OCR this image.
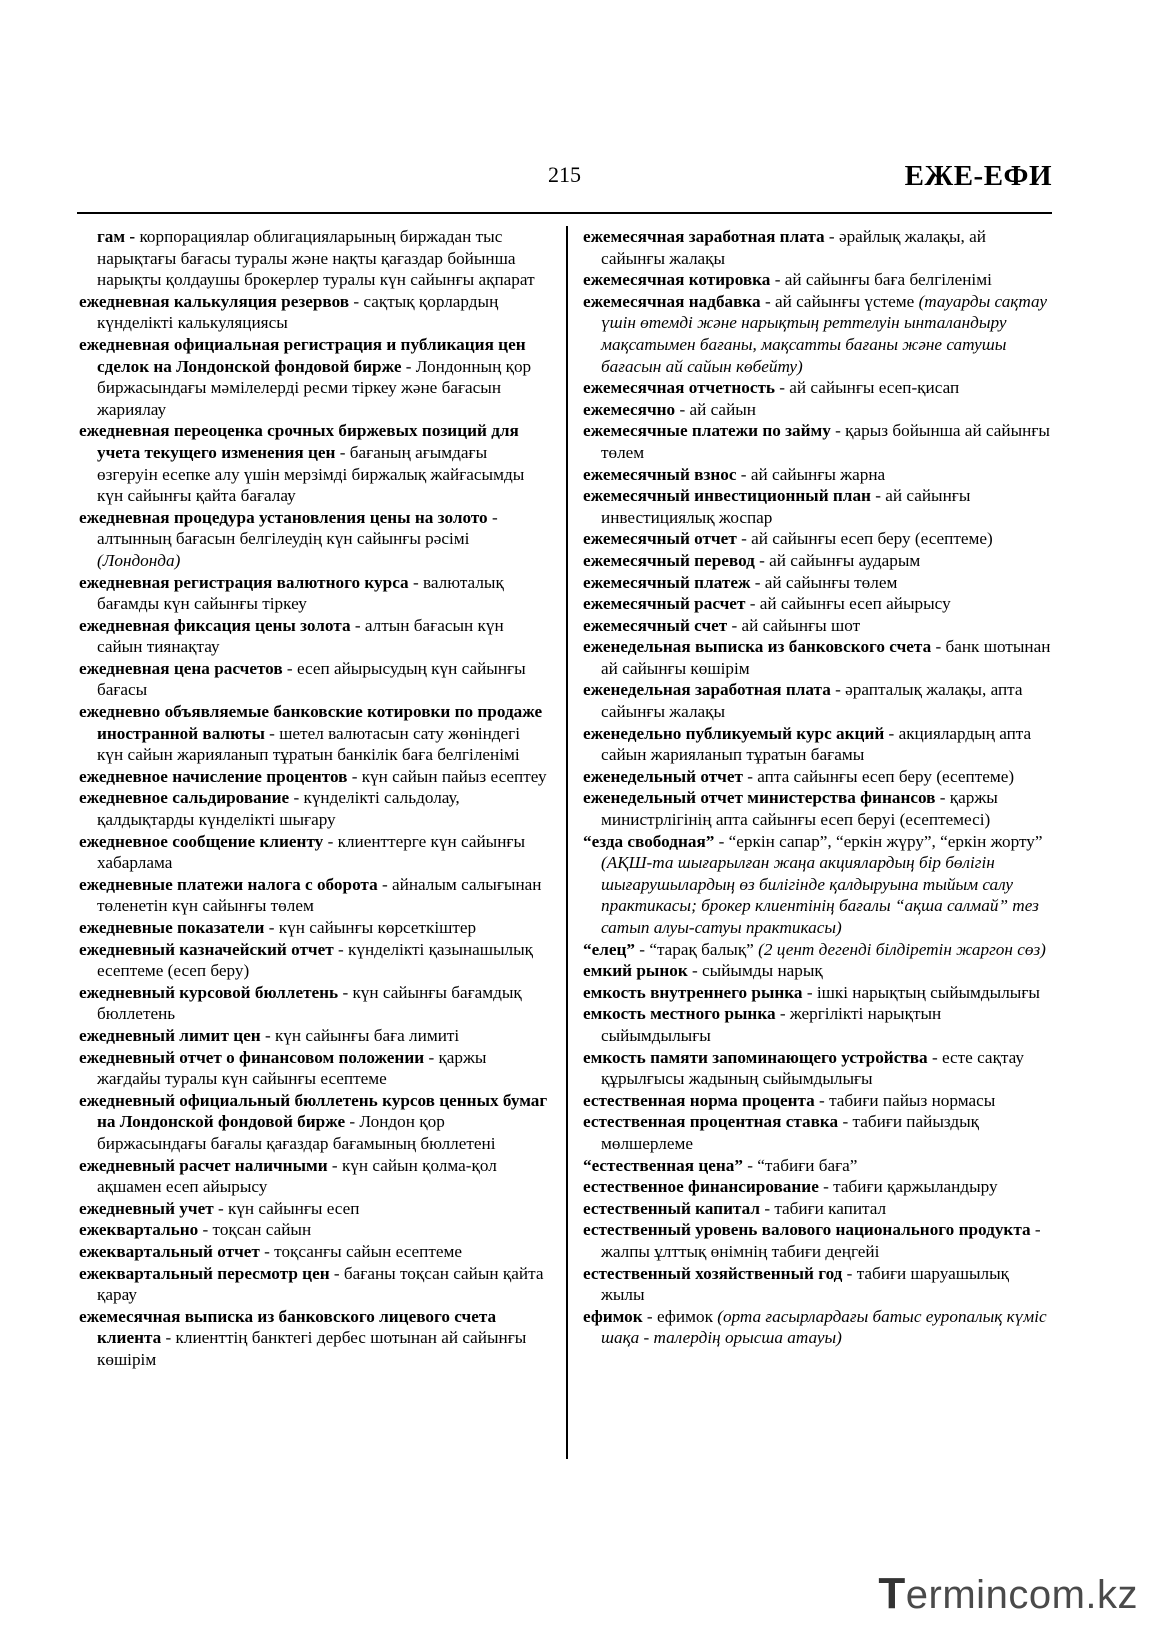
215	ЕЖЕ-ЕФИ

гам - корпорациялар облигацияларының биржадан тыс нарықтағы бағасы туралы және нақты қағаздар бойынша нарықты қолдаушы брокерлер туралы күн сайынғы ақпарат

ежедневная калькуляция резервов - сақтық қорлардың күнделікті калькуляциясы

ежедневная официальная регистрация и публикация цен сделок на Лондонской фондовой бирже - Лондонның қор биржасындағы мәмілелерді ресми тіркеу және бағасын жариялау

ежедневная переоценка срочных биржевых позиций для учета текущего изменения цен - бағаның ағымдағы өзгеруін есепке алу үшін мерзімді биржалық жайғасымды күн сайынғы қайта бағалау

ежедневная процедура установления цены на золото - алтынның бағасын белгілеудің күн сайынғы рәсімі (Лондонда)

ежедневная регистрация валютного курса - валюталық бағамды күн сайынғы тіркеу

ежедневная фиксация цены золота - алтын бағасын күн сайын тиянақтау

ежедневная цена расчетов - есеп айырысудың күн сайынғы бағасы

ежедневно объявляемые банковские котировки по продаже иностранной валюты - шетел валютасын сату жөніндегі күн сайын жарияланып тұратын банкілік баға белгіленімі

ежедневное начисление процентов - күн сайын пайыз есептеу

ежедневное сальдирование - күнделікті сальдолау, қалдықтарды күнделікті шығару

ежедневное сообщение клиенту - клиенттерге күн сайынғы хабарлама

ежедневные платежи налога с оборота - айналым салығынан төленетін күн сайынғы төлем

ежедневные показатели - күн сайынғы көрсеткіштер

ежедневный казначейский отчет - күнделікті қазынашылық есептеме (есеп беру)

ежедневный курсовой бюллетень - күн сайынғы бағамдық бюллетень

ежедневный лимит цен - күн сайынғы баға лимиті

ежедневный отчет о финансовом положении - қаржы жағдайы туралы күн сайынғы есептеме

ежедневный официальный бюллетень курсов ценных бумаг на Лондонской фондовой бирже - Лондон қор биржасындағы бағалы қағаздар бағамының бюллетені

ежедневный расчет наличными - күн сайын қолма-қол ақшамен есеп айырысу

ежедневный учет - күн сайынғы есеп

ежеквартально - тоқсан сайын

ежеквартальный отчет - тоқсанғы сайын есептеме

ежеквартальный пересмотр цен - бағаны тоқсан сайын қайта қарау

ежемесячная выписка из банковского лицевого счета клиента - клиенттің банктегі дербес шотынан ай сайынғы көшірім

ежемесячная заработная плата - әрайлық жалақы, ай сайынғы жалақы

ежемесячная котировка - ай сайынғы баға белгіленімі

ежемесячная надбавка - ай сайынғы үстеме (тауарды сақтау үшін өтемді және нарықтың реттелуін ынталандыру мақсатымен бағаны, мақсатты бағаны және сатушы бағасын ай сайын көбейту)

ежемесячная отчетность - ай сайынғы есеп-қисап

ежемесячно - ай сайын

ежемесячные платежи по займу - қарыз бойынша ай сайынғы төлем

ежемесячный взнос - ай сайынғы жарна

ежемесячный инвестиционный план - ай сайынғы инвестициялық жоспар

ежемесячный отчет - ай сайынғы есеп беру (есептеме)

ежемесячный перевод - ай сайынғы аударым

ежемесячный платеж - ай сайынғы төлем

ежемесячный расчет - ай сайынғы есеп айырысу

ежемесячный счет - ай сайынғы шот

еженедельная выписка из банковского счета - банк шотынан ай сайынғы көшірім

еженедельная заработная плата - әрапталық жалақы, апта сайынғы жалақы

еженедельно публикуемый курс акций - акциялардың апта сайын жарияланып тұратын бағамы

еженедельный отчет - апта сайынғы есеп беру (есептеме)

еженедельный отчет министерства финансов - қаржы министрлігінің апта сайынғы есеп беруі (есептемесі)

“езда свободная” - “еркін сапар”, “еркін жүру”, “еркін жорту” (АҚШ-та шығарылған жаңа акциялардың бір бөлігін шығарушылардың өз билігінде қалдыруына тыйым салу практикасы; брокер клиентінің бағалы “ақша салмай” тез сатып алуы-сатуы практикасы)

“елец” - “тарақ балық” (2 цент дегенді білдіретін жаргон сөз)

емкий рынок - сыйымды нарық

емкость внутреннего рынка - ішкі нарықтың сыйымдылығы

емкость местного рынка - жергілікті нарықтын сыйымдылығы

емкость памяти запоминающего устройства - есте сақтау құрылғысы жадының сыйымдылығы

естественная норма процента - табиғи пайыз нормасы

естественная процентная ставка - табиғи пайыздық мөлшерлеме

“естественная цена” - “табиғи баға”

естественное финансирование - табиғи қаржыландыру

естественный капитал - табиғи капитал

естественный уровень валового национального продукта - жалпы ұлттық өнімнің табиғи деңгейі

естественный хозяйственный год - табиғи шаруашылық жылы

ефимок - ефимок (орта ғасырлардағы батыс еуропалық күміс шақа - талердің орысша атауы)

Termincom.kz
